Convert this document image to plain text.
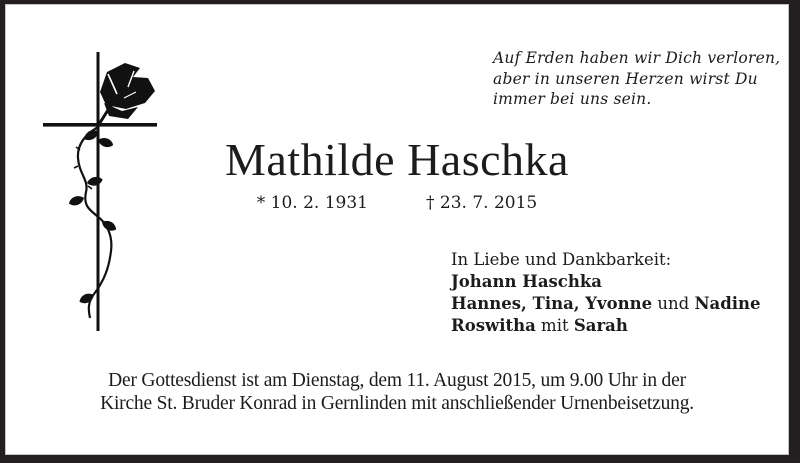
Auf Erden haben wir Dich verloren,
aber in unseren Herzen wirst Du
immer bei uns sein.
Mathilde Haschka
* 10. 2. 1931	† 23. 7. 2015
In Liebe und Dankbarkeit:
Johann Haschka
Hannes, Tina, Yvonne und Nadine
Roswitha mit Sarah
Der Gottesdienst ist am Dienstag, dem 11. August 2015, um 9.00 Uhr in der
Kirche St. Bruder Konrad in Gernlinden mit anschließender Urnenbeisetzung.
